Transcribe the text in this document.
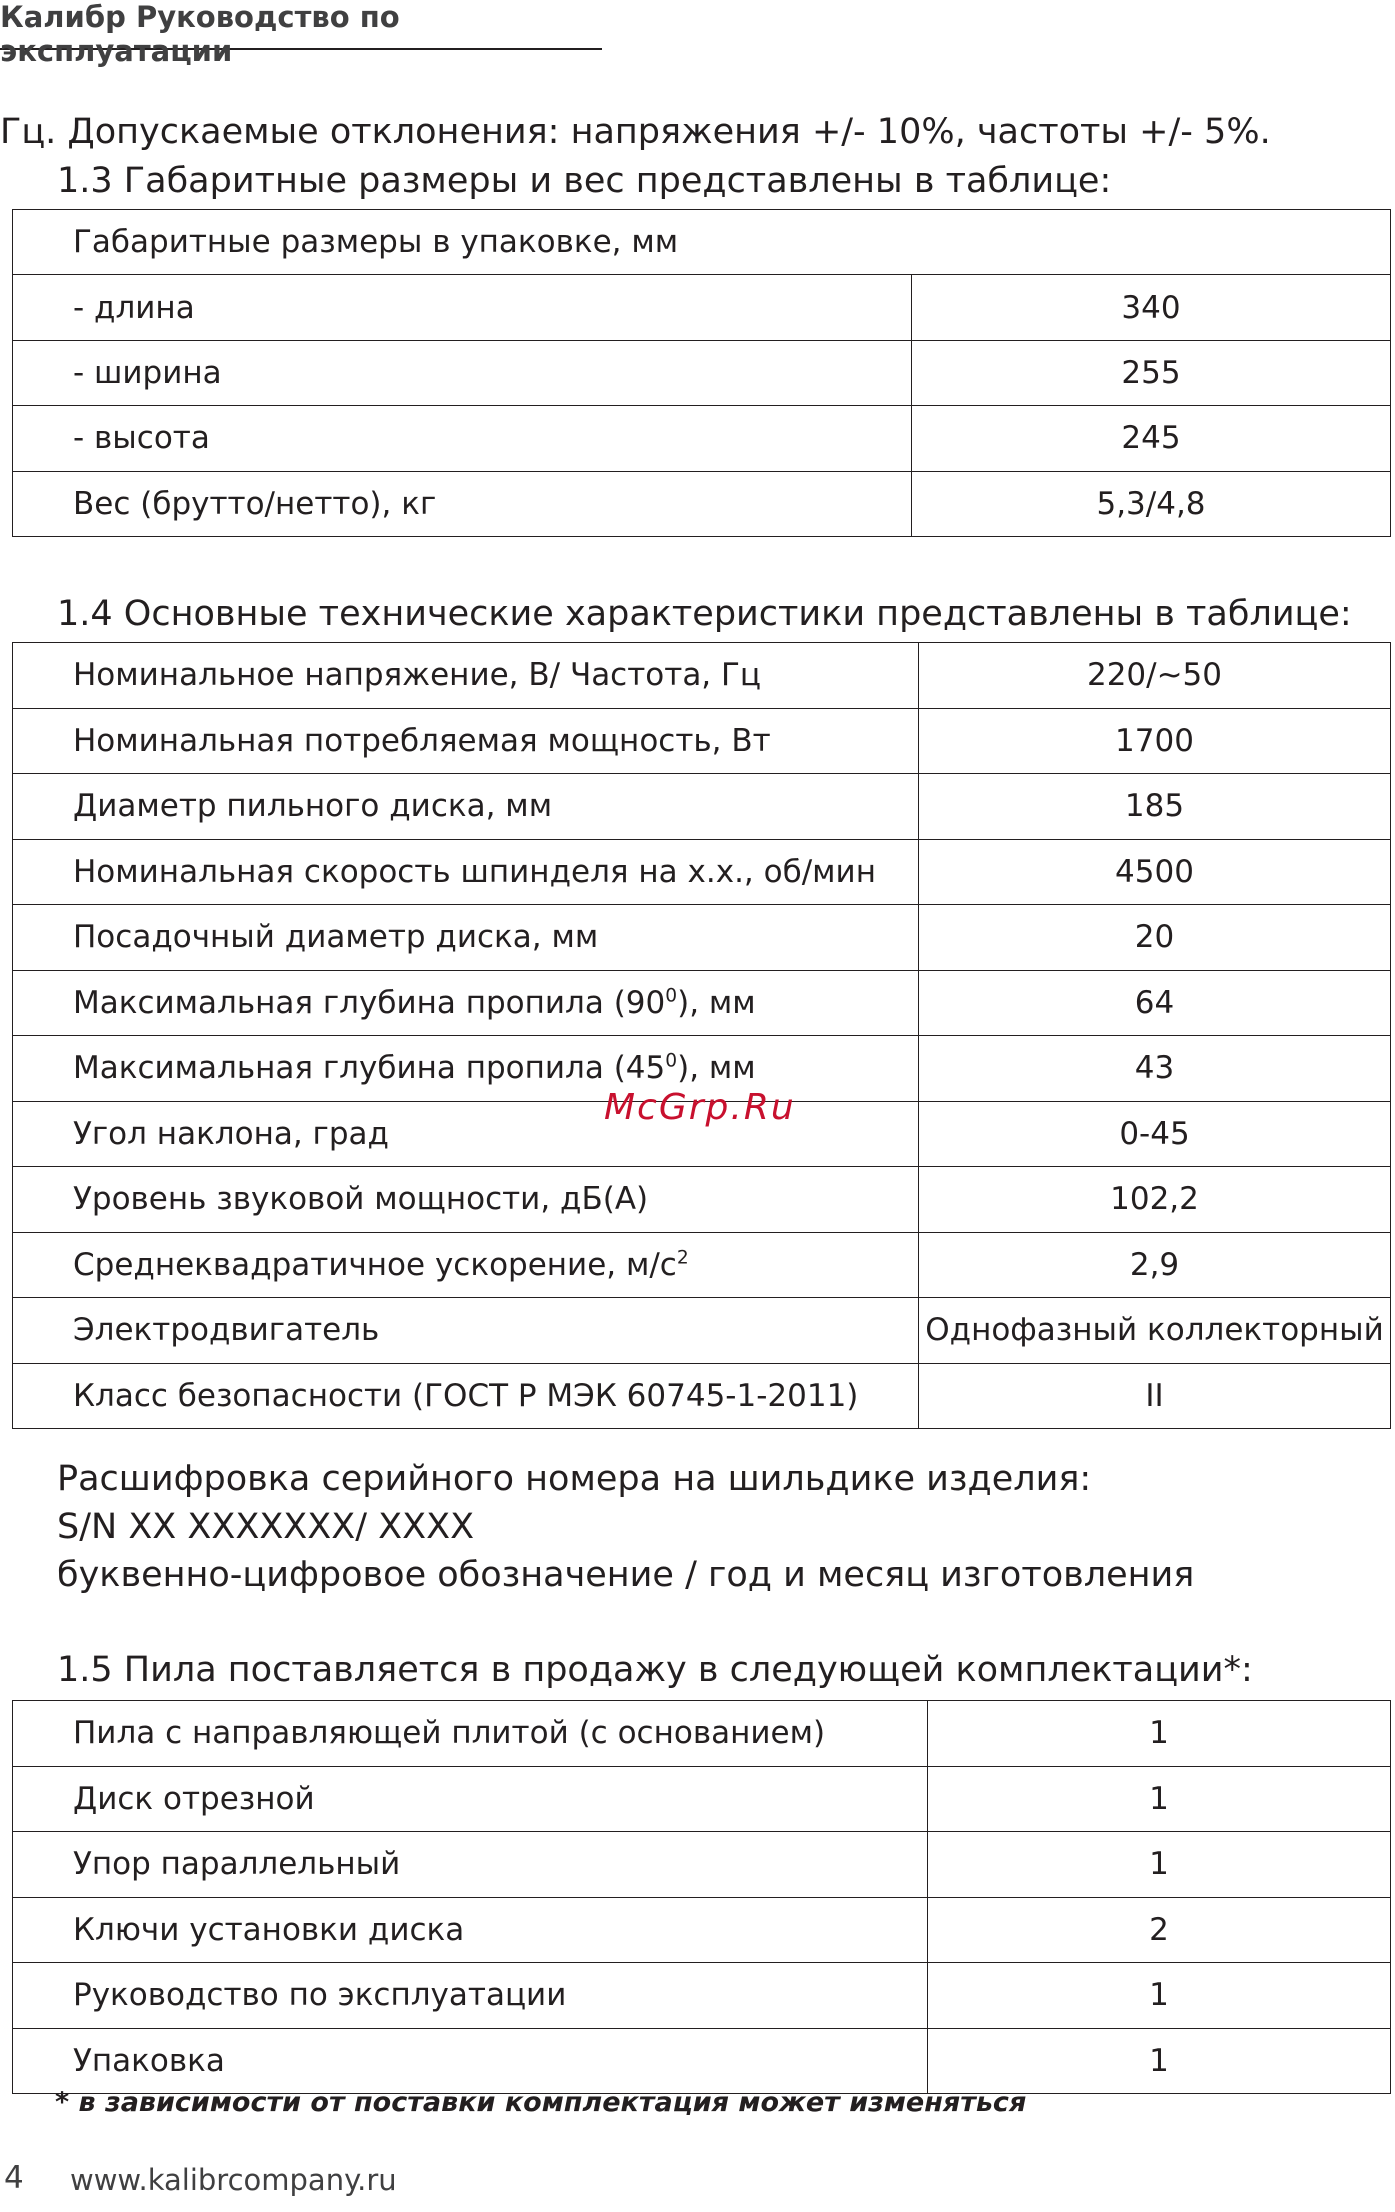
Калибр Руководство по эксплуатации
Гц. Допускаемые отклонения: напряжения +/- 10%, частоты +/- 5%.
1.3 Габаритные размеры и вес представлены в таблице:
Габаритные размеры в упаковке, мм	
- длина	340
- ширина	255
- высота	245
Вес (брутто/нетто), кг	5,3/4,8
1.4 Основные технические характеристики представлены в таблице:
Номинальное напряжение, В/ Частота, Гц	220/~50
Номинальная потребляемая мощность, Вт	1700
Диаметр пильного диска, мм	185
Номинальная скорость шпинделя на х.х., об/мин	4500
Посадочный диаметр диска, мм	20
Максимальная глубина пропила $(90^0)$, мм	64
Максимальная глубина пропила $(45^0)$, мм	43
Угол наклона, град	0-45
Уровень звуковой мощности, дБ(А)	102,2
Среднеквадратичное ускорение, $м/с^2$	2,9
Электродвигатель	Однофазный коллекторный
Класс безопасности (ГОСТ Р МЭК 60745-1-2011)	II
McGrp.Ru
Расшифровка серийного номера на шильдике изделия:
S/N XX XXXXXXX/ XXXX
буквенно-цифровое обозначение / год и месяц изготовления
1.5 Пила поставляется в продажу в следующей комплектации*:
Пила с направляющей плитой (с основанием)	1
Диск отрезной	1
Упор параллельный	1
Ключи установки диска	2
Руководство по эксплуатации	1
Упаковка	1
* в зависимости от поставки комплектация может изменяться
4 www.kalibrcompany.ru
